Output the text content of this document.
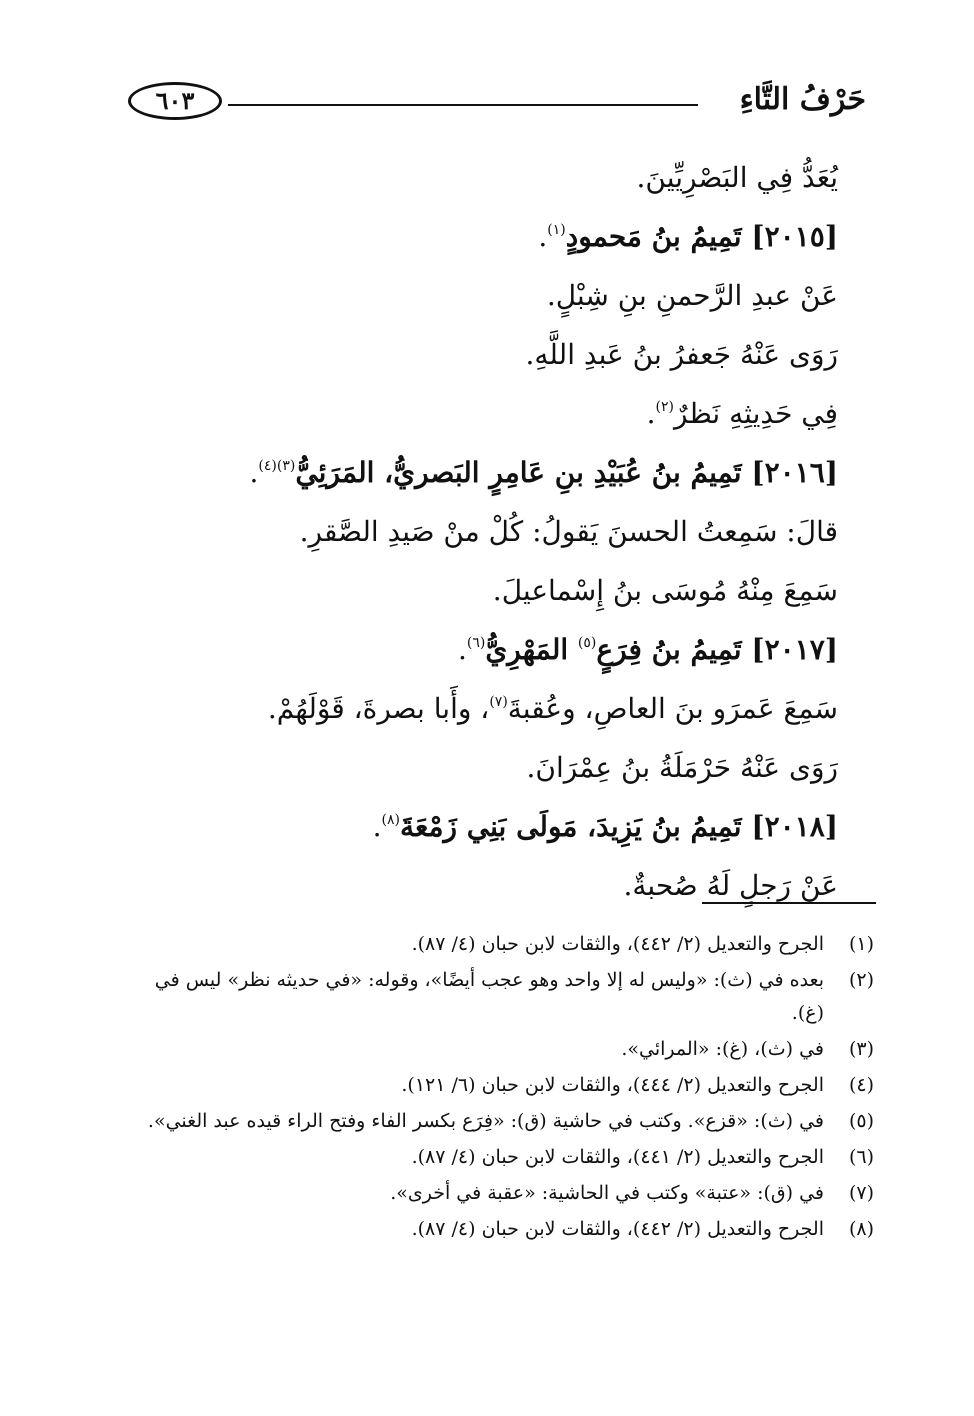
حَرْفُ التَّاءِ
٦٠٣
يُعَدُّ فِي البَصْرِيِّينَ.
[٢٠١٥] تَمِيمُ بنُ مَحمودٍ$^{(١)}$.
عَنْ عبدِ الرَّحمنِ بنِ شِبْلٍ.
رَوَى عَنْهُ جَعفرُ بنُ عَبدِ اللَّهِ.
فِي حَدِيثِهِ نَظرٌ$^{(٢)}$.
[٢٠١٦] تَمِيمُ بنُ عُبَيْدِ بنِ عَامِرٍ البَصريُّ، المَرَئِيُّ$^{(٣)(٤)}$.
قالَ: سَمِعتُ الحسنَ يَقولُ: كُلْ منْ صَيدِ الصَّقرِ.
سَمِعَ مِنْهُ مُوسَى بنُ إِسْماعيلَ.
[٢٠١٧] تَمِيمُ بنُ فِرَعٍ$^{(٥)}$ المَهْرِيُّ$^{(٦)}$.
سَمِعَ عَمرَو بنَ العاصِ، وعُقبةَ$^{(٧)}$، وأَبا بصرةَ، قَوْلَهُمْ.
رَوَى عَنْهُ حَرْمَلَةُ بنُ عِمْرَانَ.
[٢٠١٨] تَمِيمُ بنُ يَزِيدَ، مَولَى بَنِي زَمْعَةَ$^{(٨)}$.
عَنْ رَجلٍ لَهُ صُحبةٌ.
(١)
الجرح والتعديل (٢/ ٤٤٢)، والثقات لابن حبان (٤/ ٨٧).
(٢)
بعده في (ث): «وليس له إلا واحد وهو عجب أيضًا»، وقوله: «في حديثه نظر» ليس في (غ).
(٣)
في (ث)، (غ): «المرائي».
(٤)
الجرح والتعديل (٢/ ٤٤٤)، والثقات لابن حبان (٦/ ١٢١).
(٥)
في (ث): «قزع». وكتب في حاشية (ق): «فِرَع بكسر الفاء وفتح الراء قيده عبد الغني».
(٦)
الجرح والتعديل (٢/ ٤٤١)، والثقات لابن حبان (٤/ ٨٧).
(٧)
في (ق): «عتبة» وكتب في الحاشية: «عقبة في أخرى».
(٨)
الجرح والتعديل (٢/ ٤٤٢)، والثقات لابن حبان (٤/ ٨٧).
